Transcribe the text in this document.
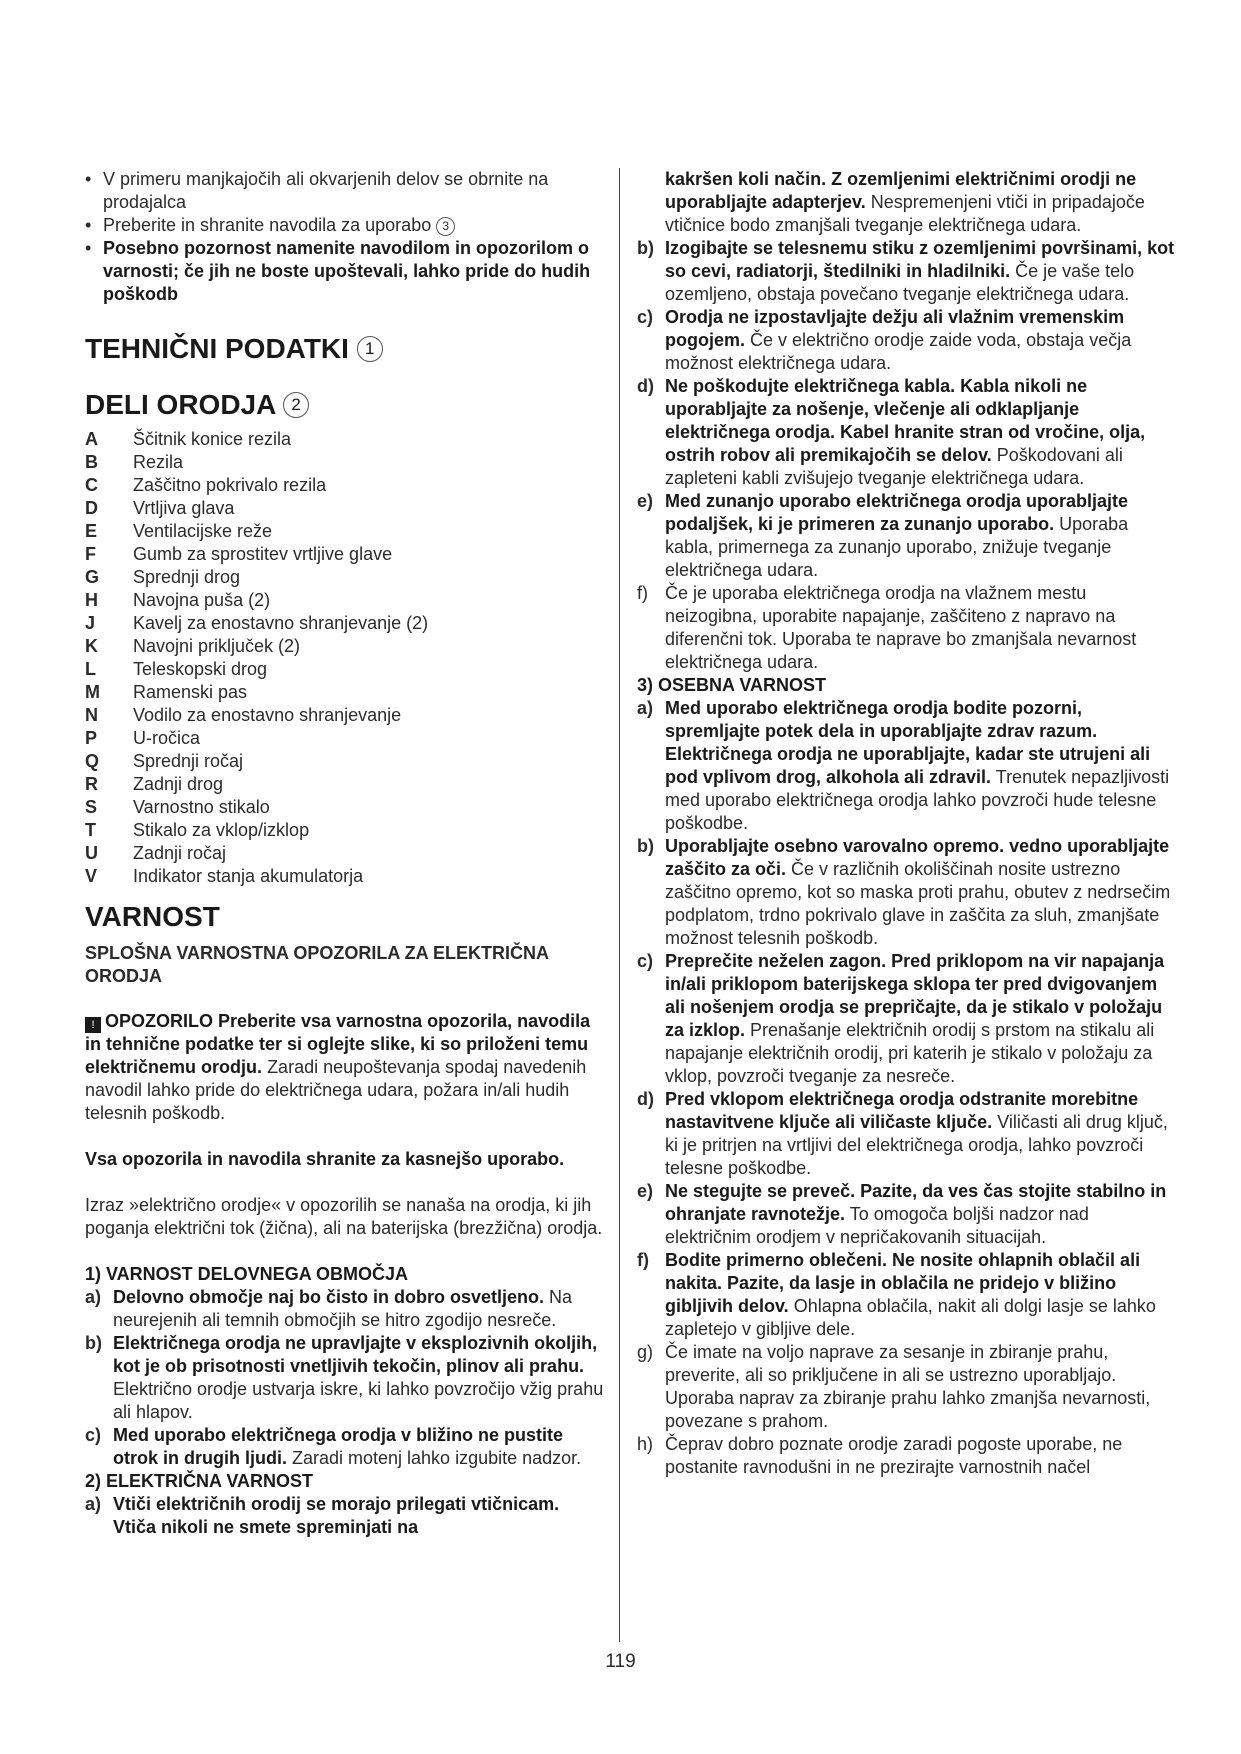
• V primeru manjkajočih ali okvarjenih delov se obrnite na prodajalca
• Preberite in shranite navodila za uporabo 3
• Posebno pozornost namenite navodilom in opozorilom o varnosti; če jih ne boste upoštevali, lahko pride do hudih poškodb
TEHNIČNI PODATKI 1
DELI ORODJA 2
A	Ščitnik konice rezila
B	Rezila
C	Zaščitno pokrivalo rezila
D	Vrtljiva glava
E	Ventilacijske reže
F	Gumb za sprostitev vrtljive glave
G	Sprednji drog
H	Navojna puša (2)
J	Kavelj za enostavno shranjevanje (2)
K	Navojni priključek (2)
L	Teleskopski drog
M	Ramenski pas
N	Vodilo za enostavno shranjevanje
P	U-ročica
Q	Sprednji ročaj
R	Zadnji drog
S	Varnostno stikalo
T	Stikalo za vklop/izklop
U	Zadnji ročaj
V	Indikator stanja akumulatorja
VARNOST
SPLOŠNA VARNOSTNA OPOZORILA ZA ELEKTRIČNA ORODJA

! OPOZORILO Preberite vsa varnostna opozorila, navodila in tehnične podatke ter si oglejte slike, ki so priloženi temu električnemu orodju. Zaradi neupoštevanja spodaj navedenih navodil lahko pride do električnega udara, požara in/ali hudih telesnih poškodb.

Vsa opozorila in navodila shranite za kasnejšo uporabo.

Izraz »električno orodje« v opozorilih se nanaša na orodja, ki jih poganja električni tok (žična), ali na baterijska (brezžična) orodja.

1) VARNOST DELOVNEGA OBMOČJA

a) Delovno območje naj bo čisto in dobro osvetljeno. Na neurejenih ali temnih območjih se hitro zgodijo nesreče.
b) Električnega orodja ne upravljajte v eksplozivnih okoljih, kot je ob prisotnosti vnetljivih tekočin, plinov ali prahu. Električno orodje ustvarja iskre, ki lahko povzročijo vžig prahu ali hlapov.
c) Med uporabo električnega orodja v bližino ne pustite otrok in drugih ljudi. Zaradi motenj lahko izgubite nadzor.

2) ELEKTRIČNA VARNOST

a) Vtiči električnih orodij se morajo prilegati vtičnicam. Vtiča nikoli ne smete spreminjati na
kakršen koli način. Z ozemljenimi električnimi orodji ne uporabljajte adapterjev. Nespremenjeni vtiči in pripadajoče vtičnice bodo zmanjšali tveganje električnega udara.
b) Izogibajte se telesnemu stiku z ozemljenimi površinami, kot so cevi, radiatorji, štedilniki in hladilniki. Če je vaše telo ozemljeno, obstaja povečano tveganje električnega udara.
c) Orodja ne izpostavljajte dežju ali vlažnim vremenskim pogojem. Če v električno orodje zaide voda, obstaja večja možnost električnega udara.
d) Ne poškodujte električnega kabla. Kabla nikoli ne uporabljajte za nošenje, vlečenje ali odklapljanje električnega orodja. Kabel hranite stran od vročine, olja, ostrih robov ali premikajočih se delov. Poškodovani ali zapleteni kabli zvišujejo tveganje električnega udara.
e) Med zunanjo uporabo električnega orodja uporabljajte podaljšek, ki je primeren za zunanjo uporabo. Uporaba kabla, primernega za zunanjo uporabo, znižuje tveganje električnega udara.
f) Če je uporaba električnega orodja na vlažnem mestu neizogibna, uporabite napajanje, zaščiteno z napravo na diferenčni tok. Uporaba te naprave bo zmanjšala nevarnost električnega udara.

3) OSEBNA VARNOST

a) Med uporabo električnega orodja bodite pozorni, spremljajte potek dela in uporabljajte zdrav razum. Električnega orodja ne uporabljajte, kadar ste utrujeni ali pod vplivom drog, alkohola ali zdravil. Trenutek nepazljivosti med uporabo električnega orodja lahko povzroči hude telesne poškodbe.
b) Uporabljajte osebno varovalno opremo. vedno uporabljajte zaščito za oči. Če v različnih okoliščinah nosite ustrezno zaščitno opremo, kot so maska proti prahu, obutev z nedrsečim podplatom, trdno pokrivalo glave in zaščita za sluh, zmanjšate možnost telesnih poškodb.
c) Preprečite neželen zagon. Pred priklopom na vir napajanja in/ali priklopom baterijskega sklopa ter pred dvigovanjem ali nošenjem orodja se prepričajte, da je stikalo v položaju za izklop. Prenašanje električnih orodij s prstom na stikalu ali napajanje električnih orodij, pri katerih je stikalo v položaju za vklop, povzroči tveganje za nesreče.
d) Pred vklopom električnega orodja odstranite morebitne nastavitvene ključe ali viličaste ključe. Viličasti ali drug ključ, ki je pritrjen na vrtljivi del električnega orodja, lahko povzroči telesne poškodbe.
e) Ne stegujte se preveč. Pazite, da ves čas stojite stabilno in ohranjate ravnotežje. To omogoča boljši nadzor nad električnim orodjem v nepričakovanih situacijah.
f) Bodite primerno oblečeni. Ne nosite ohlapnih oblačil ali nakita. Pazite, da lasje in oblačila ne pridejo v bližino gibljivih delov. Ohlapna oblačila, nakit ali dolgi lasje se lahko zapletejo v gibljive dele.
g) Če imate na voljo naprave za sesanje in zbiranje prahu, preverite, ali so priključene in ali se ustrezno uporabljajo. Uporaba naprav za zbiranje prahu lahko zmanjša nevarnosti, povezane s prahom.
h) Čeprav dobro poznate orodje zaradi pogoste uporabe, ne postanite ravnodušni in ne prezirajte varnostnih načel
119
